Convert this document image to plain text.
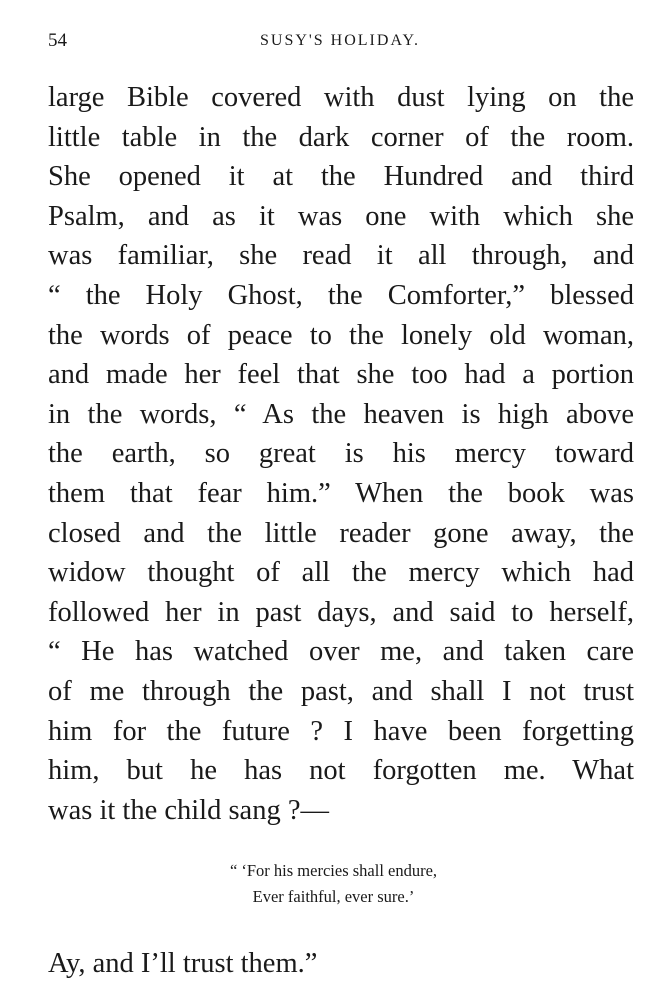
54	SUSY'S HOLIDAY.
large Bible covered with dust lying on the
little table in the dark corner of the room.
She opened it at the Hundred and third
Psalm, and as it was one with which she
was familiar, she read it all through, and
“ the Holy Ghost, the Comforter,” blessed
the words of peace to the lonely old woman,
and made her feel that she too had a portion
in the words, “ As the heaven is high above
the earth, so great is his mercy toward
them that fear him.” When the book was
closed and the little reader gone away, the
widow thought of all the mercy which had
followed her in past days, and said to herself,
“ He has watched over me, and taken care
of me through the past, and shall I not trust
him for the future ? I have been forgetting
him, but he has not forgotten me. What
was it the child sang ?—
“ ‘For his mercies shall endure,
Ever faithful, ever sure.’
Ay, and I’ll trust them.”
